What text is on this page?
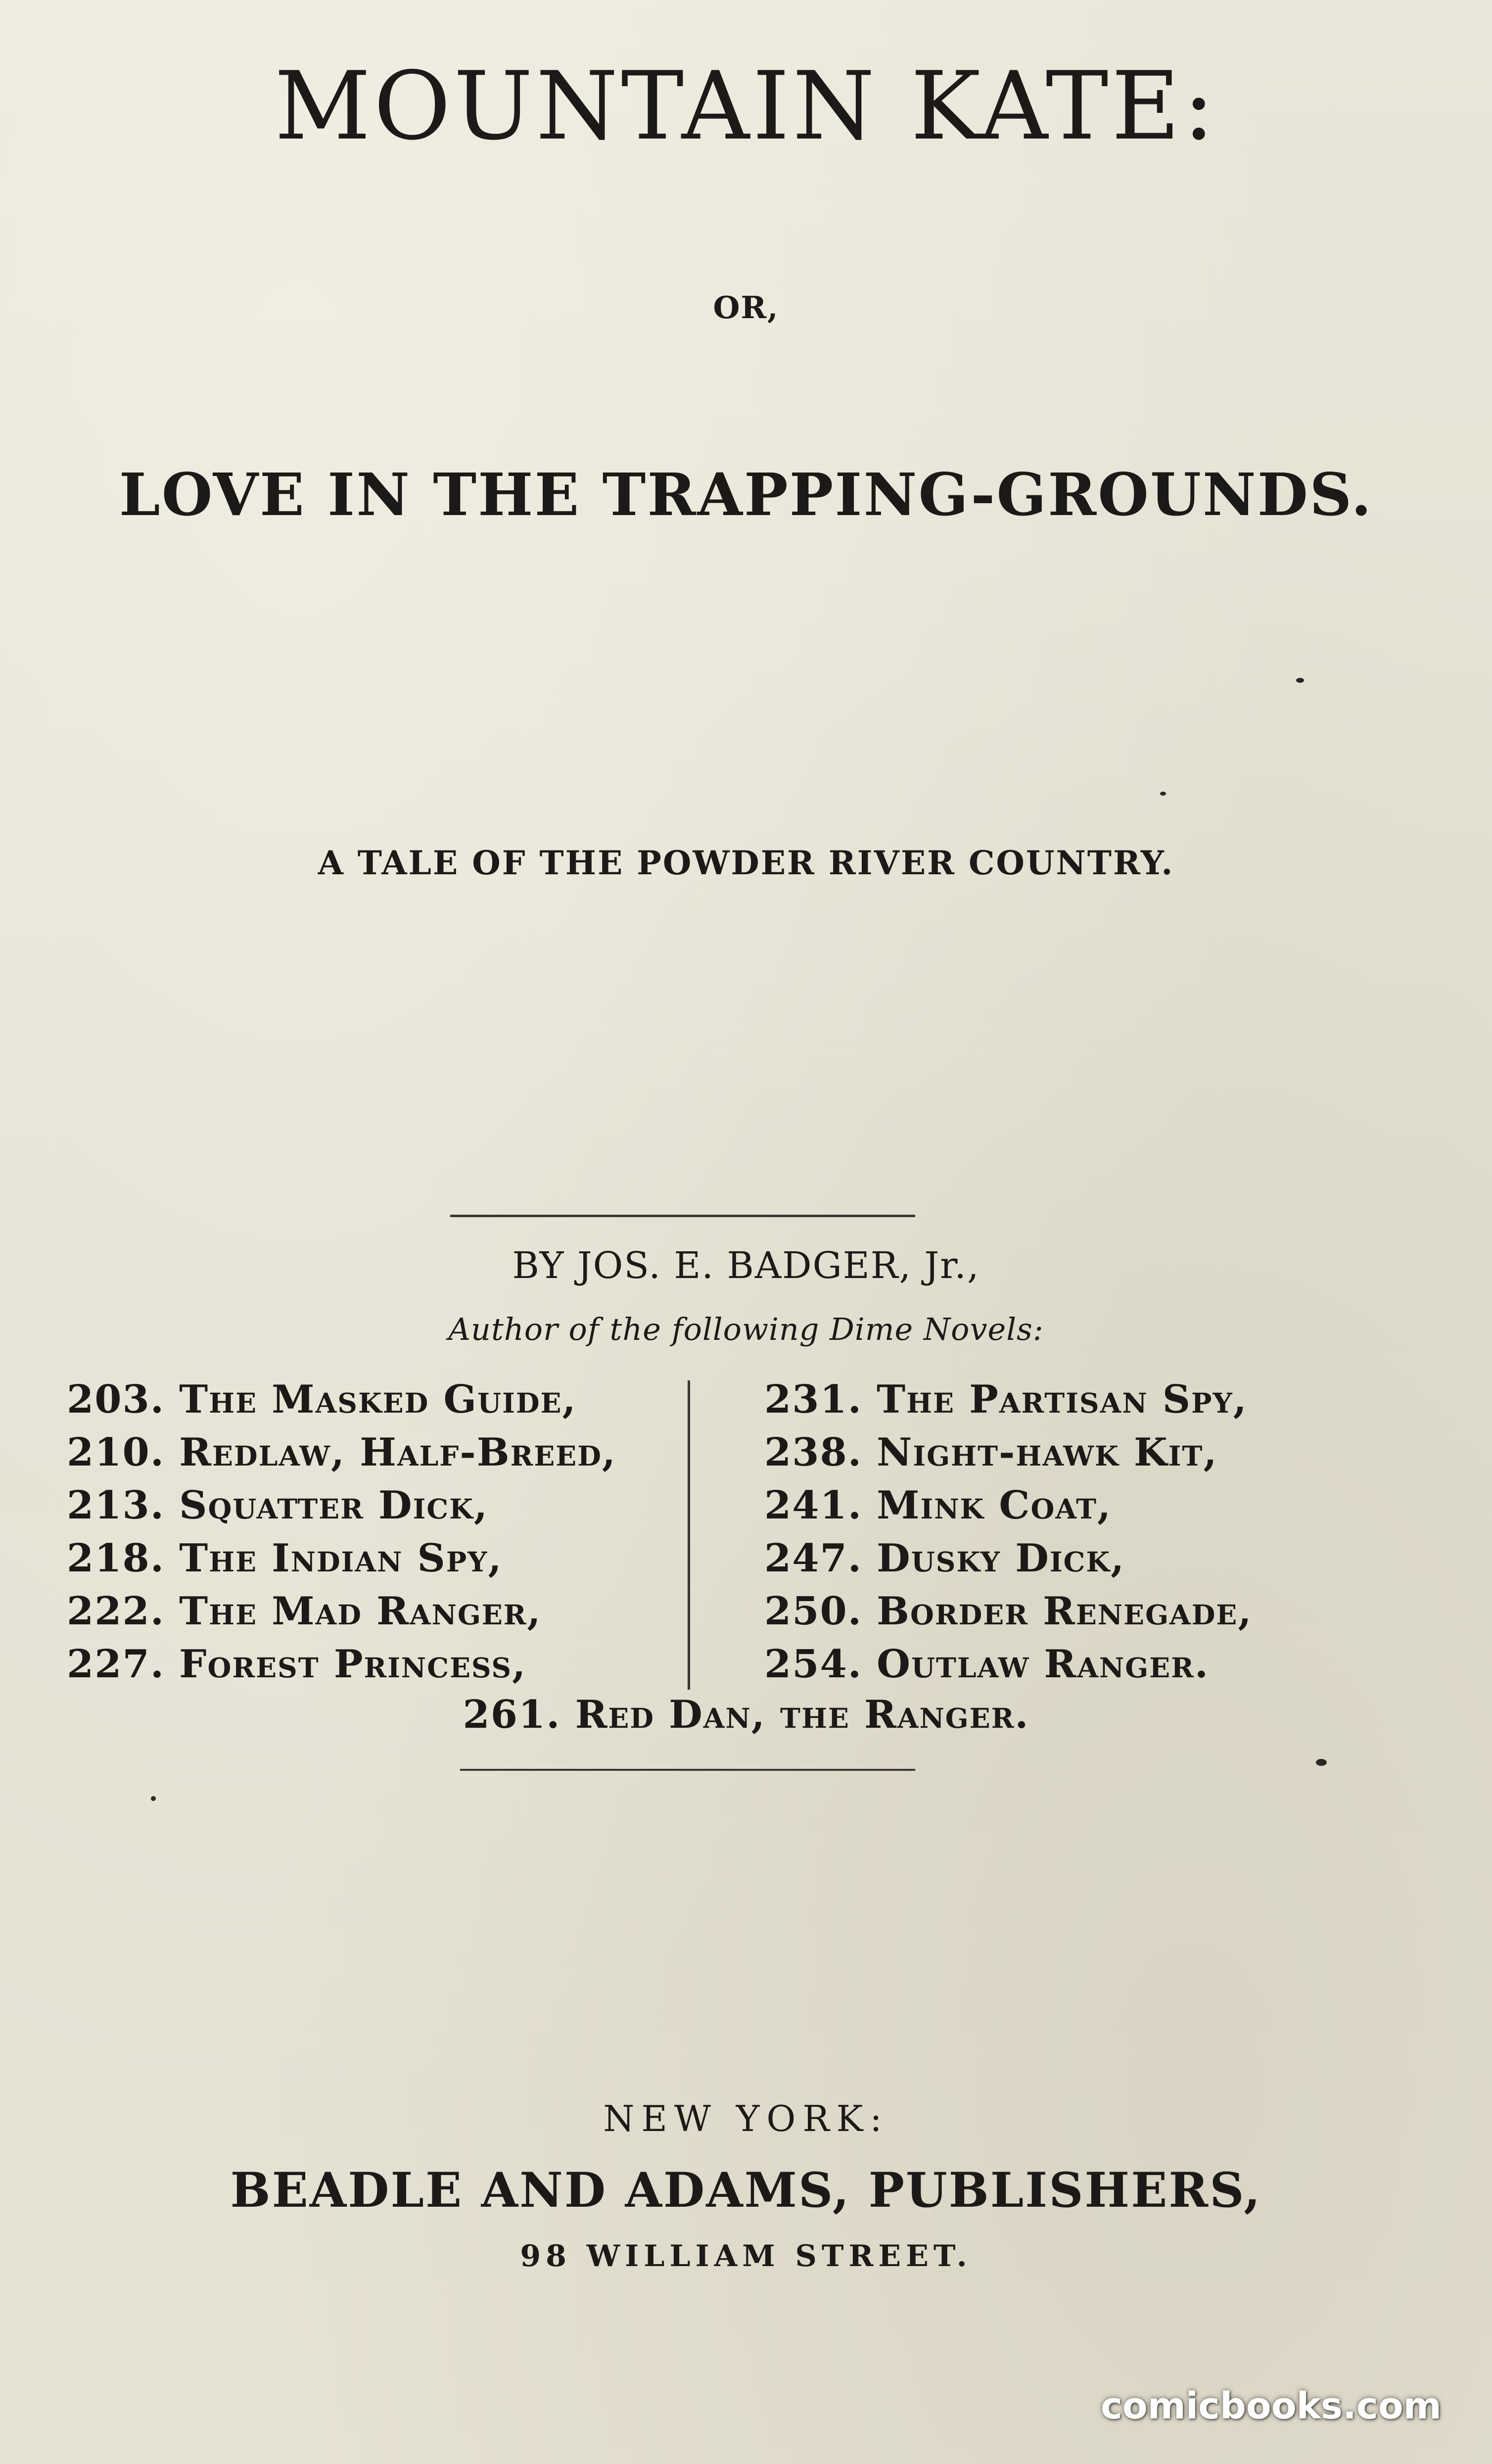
MOUNTAIN KATE:
OR,
LOVE IN THE TRAPPING-GROUNDS.
A TALE OF THE POWDER RIVER COUNTRY.
BY JOS. E. BADGER, Jr.,
Author of the following Dime Novels:
203. The Masked Guide,
210. Redlaw, Half-Breed,
213. Squatter Dick,
218. The Indian Spy,
222. The Mad Ranger,
227. Forest Princess,
231. The Partisan Spy,
238. Night-hawk Kit,
241. Mink Coat,
247. Dusky Dick,
250. Border Renegade,
254. Outlaw Ranger.
261. Red Dan, the Ranger.
NEW YORK:
BEADLE AND ADAMS, PUBLISHERS,
98 WILLIAM STREET.
comicbooks.com
